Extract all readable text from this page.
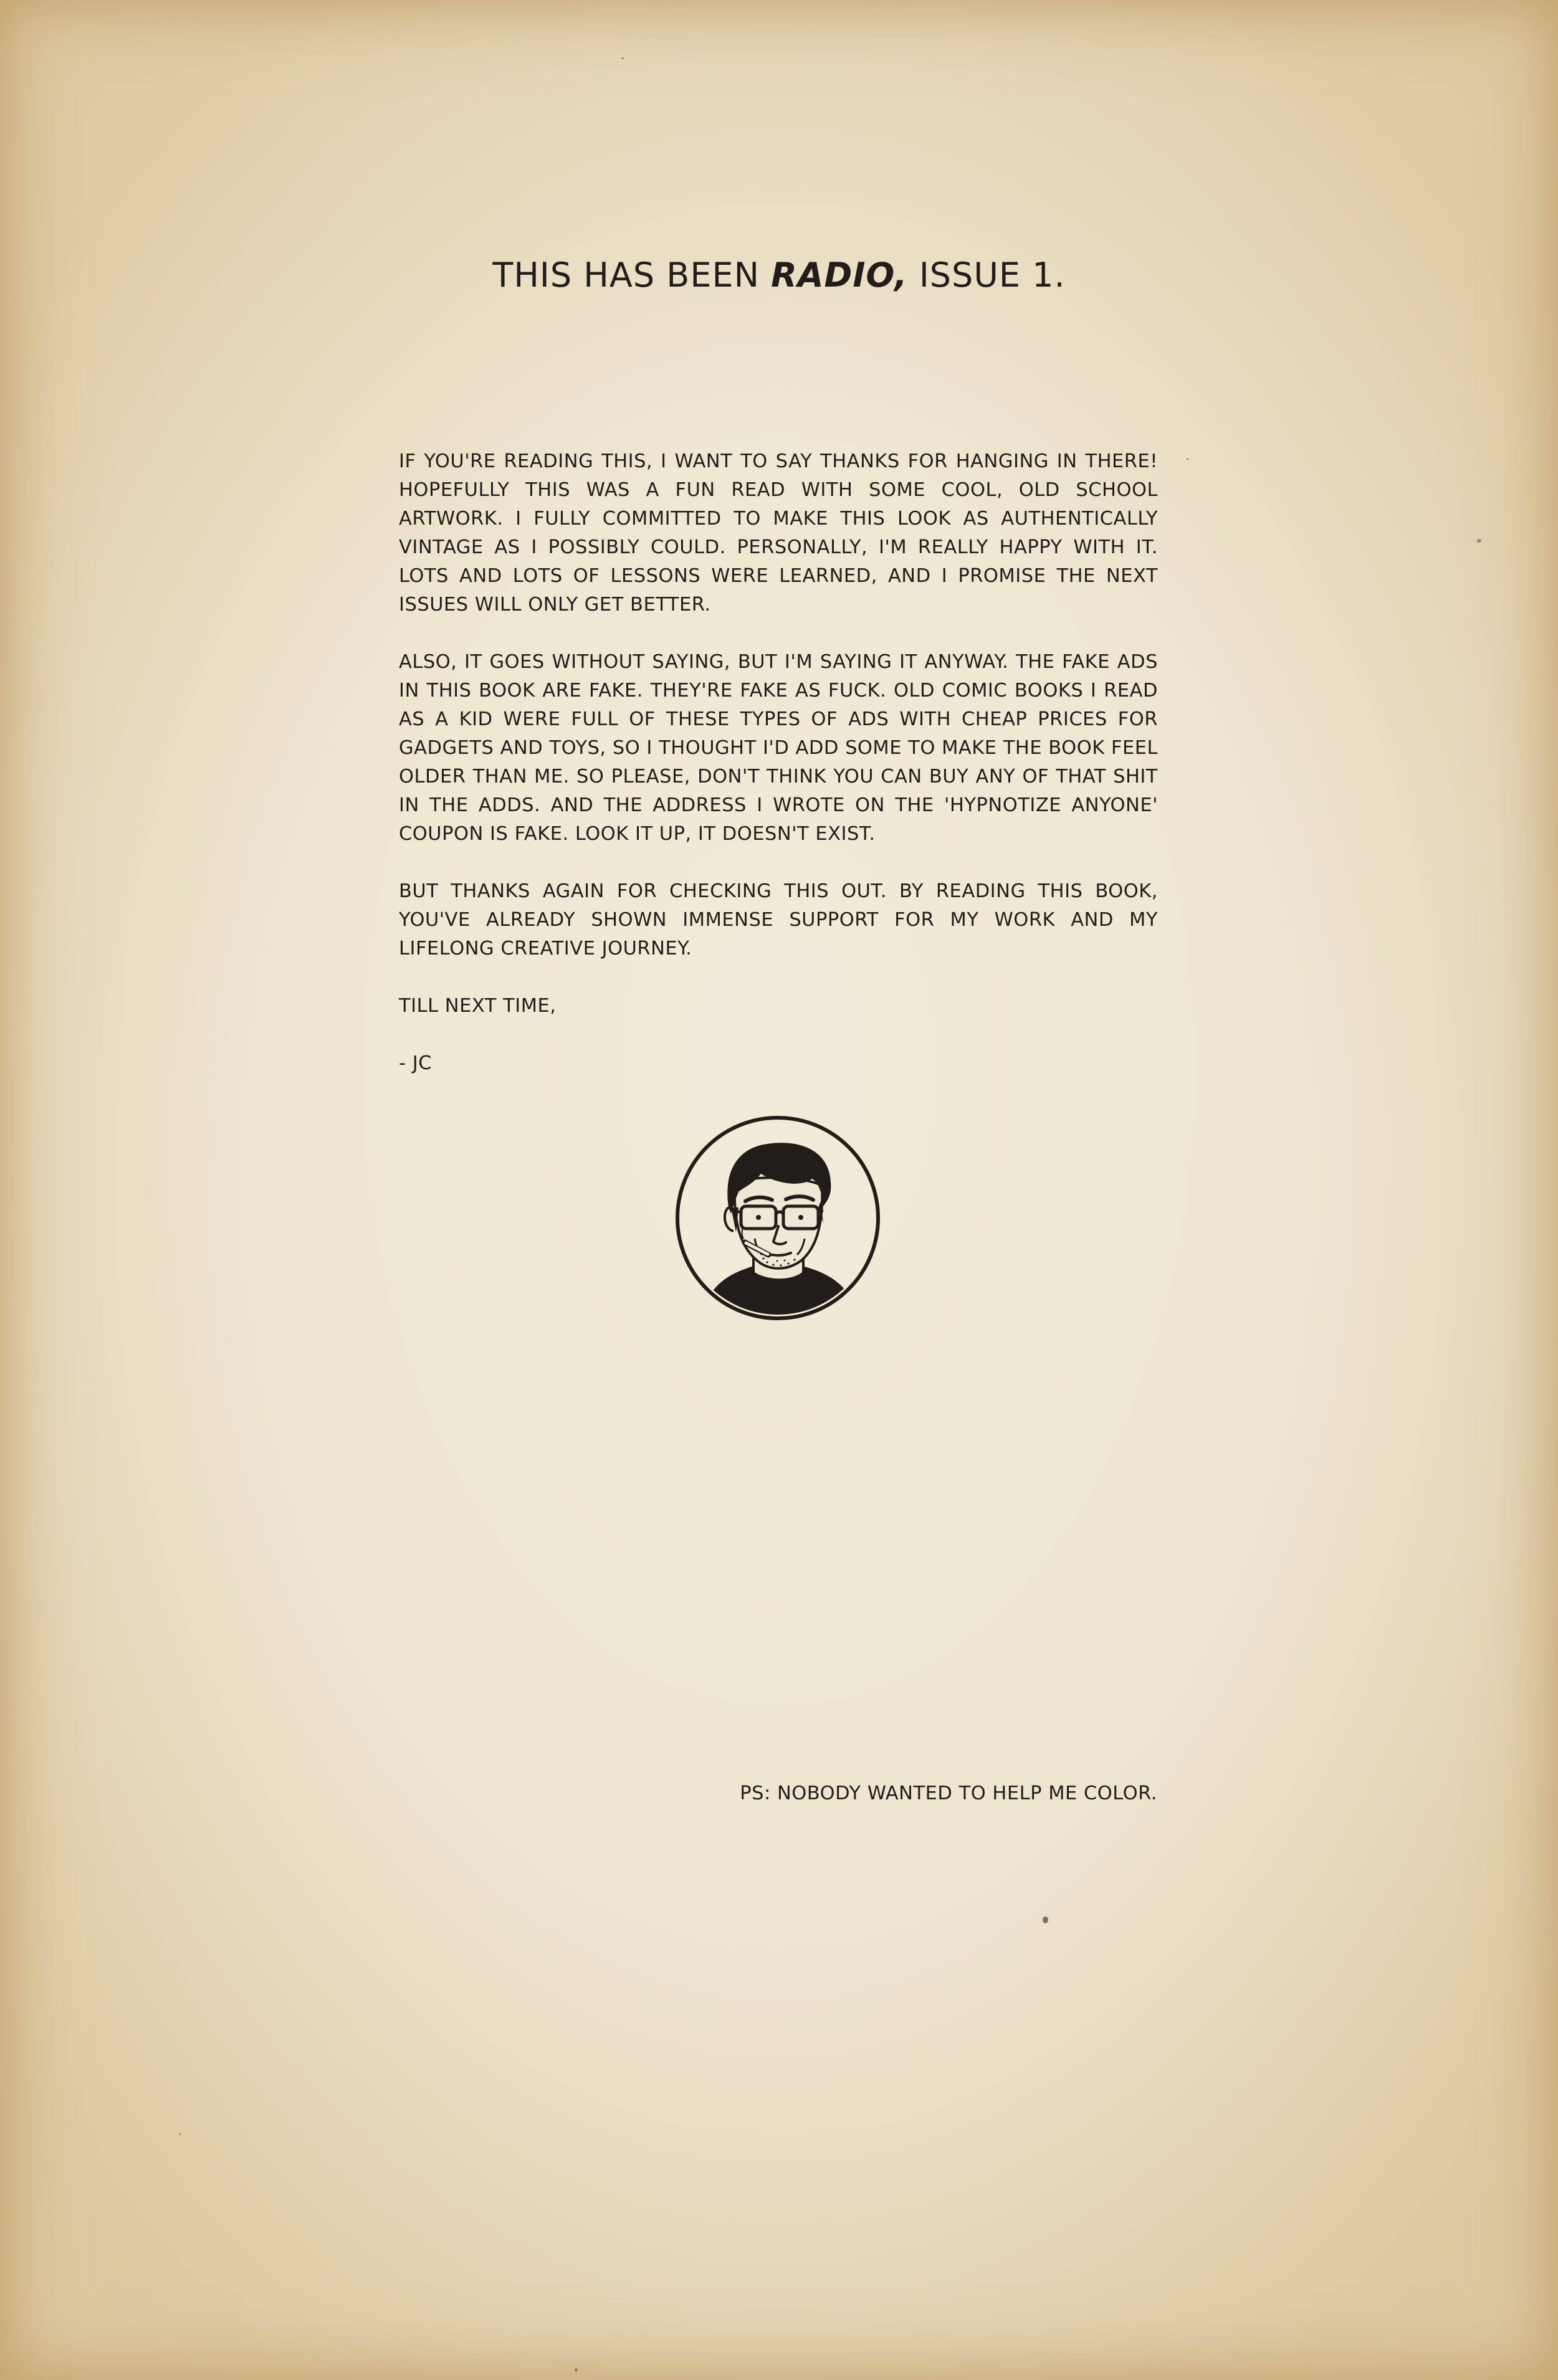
THIS HAS BEEN RADIO, ISSUE 1.

IF YOU'RE READING THIS, I WANT TO SAY THANKS FOR HANGING IN THERE! HOPEFULLY THIS WAS A FUN READ WITH SOME COOL, OLD SCHOOL ARTWORK. I FULLY COMMITTED TO MAKE THIS LOOK AS AUTHENTICALLY VINTAGE AS I POSSIBLY COULD. PERSONALLY, I'M REALLY HAPPY WITH IT. LOTS AND LOTS OF LESSONS WERE LEARNED, AND I PROMISE THE NEXT ISSUES WILL ONLY GET BETTER.

ALSO, IT GOES WITHOUT SAYING, BUT I'M SAYING IT ANYWAY. THE FAKE ADS IN THIS BOOK ARE FAKE. THEY'RE FAKE AS FUCK. OLD COMIC BOOKS I READ AS A KID WERE FULL OF THESE TYPES OF ADS WITH CHEAP PRICES FOR GADGETS AND TOYS, SO I THOUGHT I'D ADD SOME TO MAKE THE BOOK FEEL OLDER THAN ME. SO PLEASE, DON'T THINK YOU CAN BUY ANY OF THAT SHIT IN THE ADDS. AND THE ADDRESS I WROTE ON THE 'HYPNOTIZE ANYONE' COUPON IS FAKE. LOOK IT UP, IT DOESN'T EXIST.

BUT THANKS AGAIN FOR CHECKING THIS OUT. BY READING THIS BOOK, YOU'VE ALREADY SHOWN IMMENSE SUPPORT FOR MY WORK AND MY LIFELONG CREATIVE JOURNEY.

TILL NEXT TIME,

- JC

PS: NOBODY WANTED TO HELP ME COLOR.
